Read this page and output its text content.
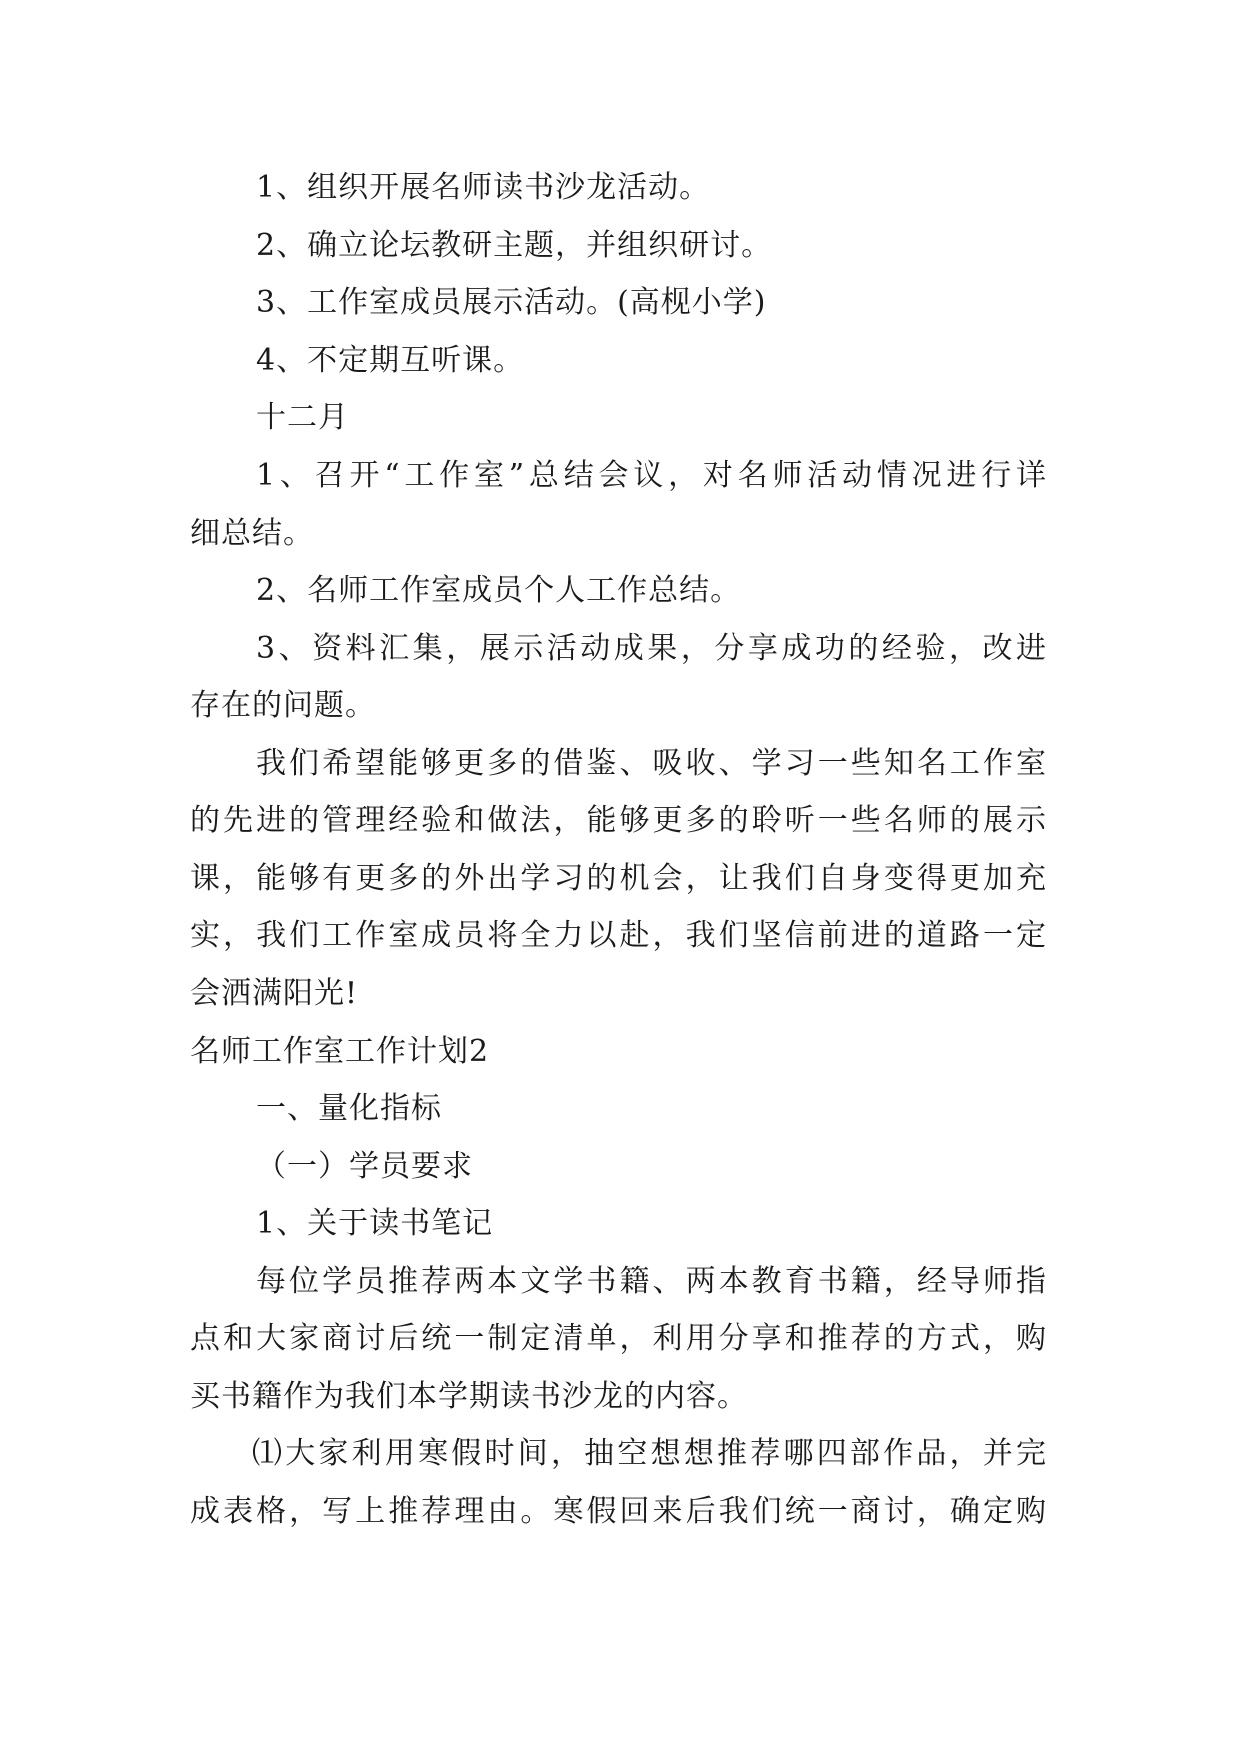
1、组织开展名师读书沙龙活动。
2、确立论坛教研主题，并组织研讨。
3、工作室成员展示活动。(高枧小学)
4、不定期互听课。
十二月
1、召开“工作室”总结会议，对名师活动情况进行详
细总结。
2、名师工作室成员个人工作总结。
3、资料汇集，展示活动成果，分享成功的经验，改进
存在的问题。
我们希望能够更多的借鉴、吸收、学习一些知名工作室
的先进的管理经验和做法，能够更多的聆听一些名师的展示
课，能够有更多的外出学习的机会，让我们自身变得更加充
实，我们工作室成员将全力以赴，我们坚信前进的道路一定
会洒满阳光!
名师工作室工作计划2
一、量化指标
（一）学员要求
1、关于读书笔记
每位学员推荐两本文学书籍、两本教育书籍，经导师指
点和大家商讨后统一制定清单，利用分享和推荐的方式，购
买书籍作为我们本学期读书沙龙的内容。
⑴大家利用寒假时间，抽空想想推荐哪四部作品，并完
成表格，写上推荐理由。寒假回来后我们统一商讨，确定购
